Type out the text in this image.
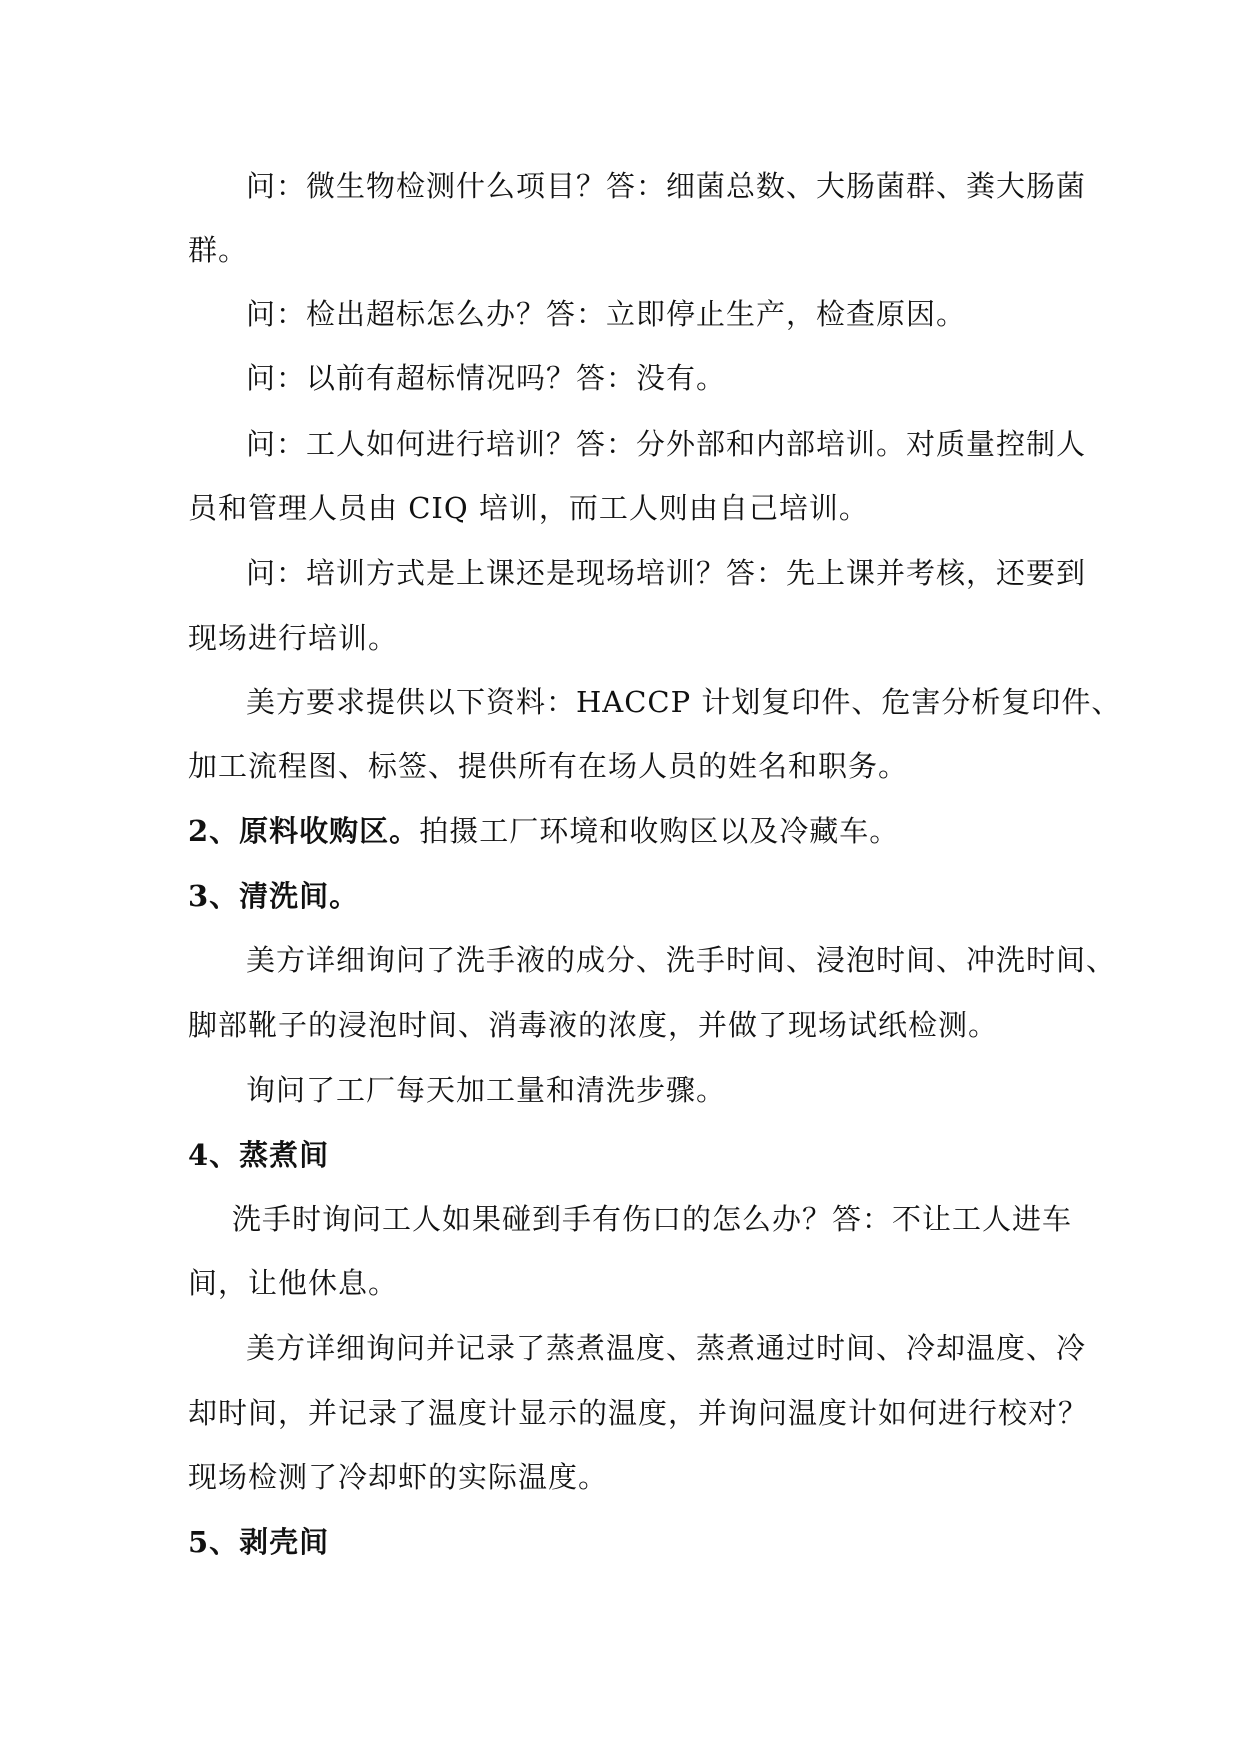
问：微生物检测什么项目？答：细菌总数、大肠菌群、粪大肠菌
群。
问：检出超标怎么办？答：立即停止生产，检查原因。
问：以前有超标情况吗？答：没有。
问：工人如何进行培训？答：分外部和内部培训。对质量控制人
员和管理人员由 CIQ 培训，而工人则由自己培训。
问：培训方式是上课还是现场培训？答：先上课并考核，还要到
现场进行培训。
美方要求提供以下资料：HACCP 计划复印件、危害分析复印件、
加工流程图、标签、提供所有在场人员的姓名和职务。
2、原料收购区。拍摄工厂环境和收购区以及冷藏车。
3、清洗间。
美方详细询问了洗手液的成分、洗手时间、浸泡时间、冲洗时间、
脚部靴子的浸泡时间、消毒液的浓度，并做了现场试纸检测。
询问了工厂每天加工量和清洗步骤。
4、蒸煮间
洗手时询问工人如果碰到手有伤口的怎么办？答：不让工人进车
间，让他休息。
美方详细询问并记录了蒸煮温度、蒸煮通过时间、冷却温度、冷
却时间，并记录了温度计显示的温度，并询问温度计如何进行校对？
现场检测了冷却虾的实际温度。
5、剥壳间
